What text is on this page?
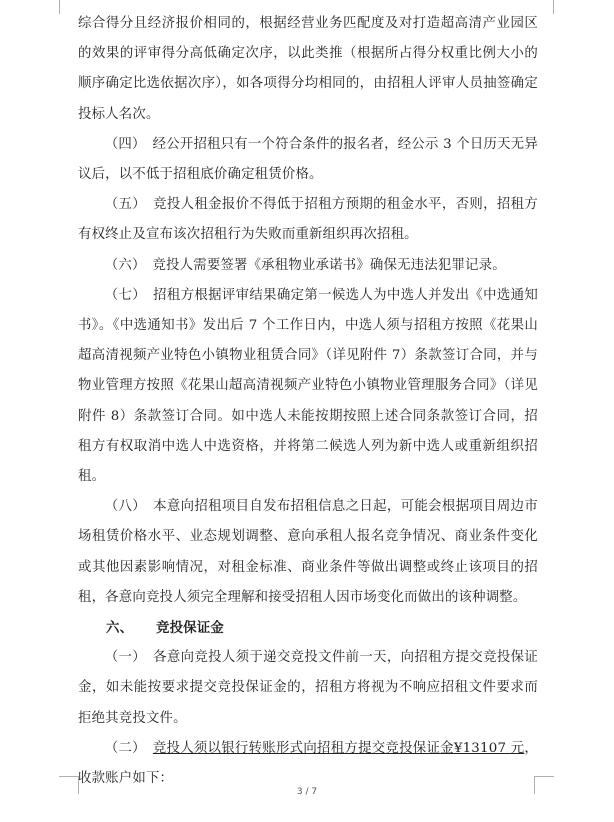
综合得分且经济报价相同的，根据经营业务匹配度及对打造超高清产业园区的效果的评审得分高低确定次序，以此类推（根据所占得分权重比例大小的顺序确定比选依据次序），如各项得分均相同的，由招租人评审人员抽签确定投标人名次。

（四）　经公开招租只有一个符合条件的报名者，经公示 3 个日历天无异议后，以不低于招租底价确定租赁价格。

（五）　竞投人租金报价不得低于招租方预期的租金水平，否则，招租方有权终止及宣布该次招租行为失败而重新组织再次招租。

（六）　竞投人需要签署《承租物业承诺书》确保无违法犯罪记录。

（七）　招租方根据评审结果确定第一候选人为中选人并发出《中选通知书》。《中选通知书》发出后 7 个工作日内，中选人须与招租方按照《花果山超高清视频产业特色小镇物业租赁合同》（详见附件 7）条款签订合同，并与物业管理方按照《花果山超高清视频产业特色小镇物业管理服务合同》（详见附件 8）条款签订合同。如中选人未能按期按照上述合同条款签订合同，招租方有权取消中选人中选资格，并将第二候选人列为新中选人或重新组织招租。

（八）　本意向招租项目自发布招租信息之日起，可能会根据项目周边市场租赁价格水平、业态规划调整、意向承租人报名竞争情况、商业条件变化或其他因素影响情况，对租金标准、商业条件等做出调整或终止该项目的招租，各意向竞投人须完全理解和接受招租人因市场变化而做出的该种调整。

六、 竞投保证金

（一）　各意向竞投人须于递交竞投文件前一天，向招租方提交竞投保证金，如未能按要求提交竞投保证金的，招租方将视为不响应招租文件要求而拒绝其竞投文件。

（二）　竞投人须以银行转账形式向招租方提交竞投保证金¥13107 元，收款账户如下：

3 / 7
